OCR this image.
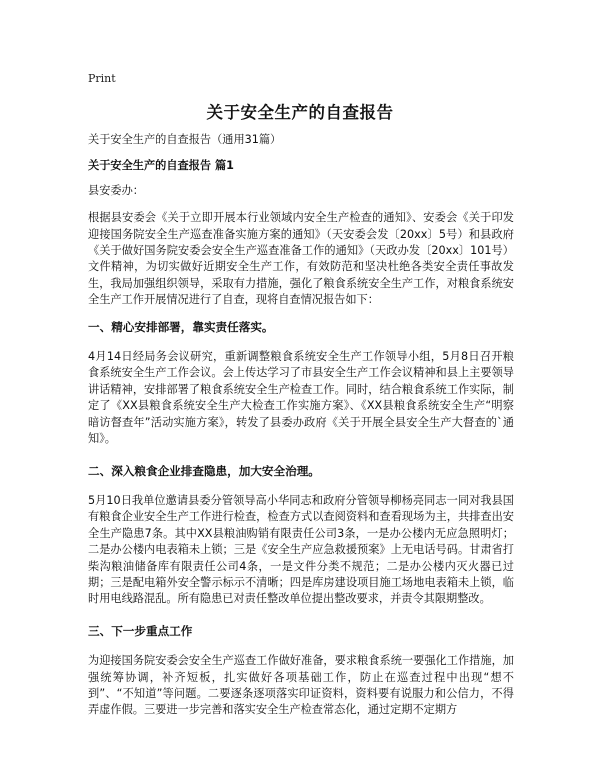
Print
关于安全生产的自查报告

关于安全生产的自查报告（通用31篇）

关于安全生产的自查报告 篇1

县安委办：

根据县安委会《关于立即开展本行业领域内安全生产检查的通知》、安委会《关于印发迎接国务院安全生产巡查准备实施方案的通知》（天安委会发〔20xx〕5号）和县政府《关于做好国务院安委会安全生产巡查准备工作的通知》（天政办发〔20xx〕101号）文件精神，为切实做好近期安全生产工作，有效防范和坚决杜绝各类安全责任事故发生，我局加强组织领导，采取有力措施，强化了粮食系统安全生产工作，对粮食系统安全生产工作开展情况进行了自查，现将自查情况报告如下：

一、精心安排部署，靠实责任落实。

4月14日经局务会议研究，重新调整粮食系统安全生产工作领导小组，5月8日召开粮食系统安全生产工作会议。会上传达学习了市县安全生产工作会议精神和县上主要领导讲话精神，安排部署了粮食系统安全生产检查工作。同时，结合粮食系统工作实际，制定了《XX县粮食系统安全生产大检查工作实施方案》、《XX县粮食系统安全生产“明察暗访督查年”活动实施方案》，转发了县委办政府《关于开展全县安全生产大督查的`通知》。

二、深入粮食企业排查隐患，加大安全治理。

5月10日我单位邀请县委分管领导高小华同志和政府分管领导柳杨亮同志一同对我县国有粮食企业安全生产工作进行检查，检查方式以查阅资料和查看现场为主，共排查出安全生产隐患7条。其中XX县粮油购销有限责任公司3条，一是办公楼内无应急照明灯；二是办公楼内电表箱未上锁；三是《安全生产应急救援预案》上无电话号码。甘肃省打柴沟粮油储备库有限责任公司4条，一是文件分类不规范；二是办公楼内灭火器已过期；三是配电箱外安全警示标示不清晰；四是库房建设项目施工场地电表箱未上锁，临时用电线路混乱。所有隐患已对责任整改单位提出整改要求，并责令其限期整改。

三、下一步重点工作

为迎接国务院安委会安全生产巡查工作做好准备，要求粮食系统一要强化工作措施，加强统筹协调，补齐短板，扎实做好各项基础工作，防止在巡查过程中出现“想不到”、“不知道”等问题。二要逐条逐项落实印证资料，资料要有说服力和公信力，不得弄虚作假。三要进一步完善和落实安全生产检查常态化，通过定期不定期方
